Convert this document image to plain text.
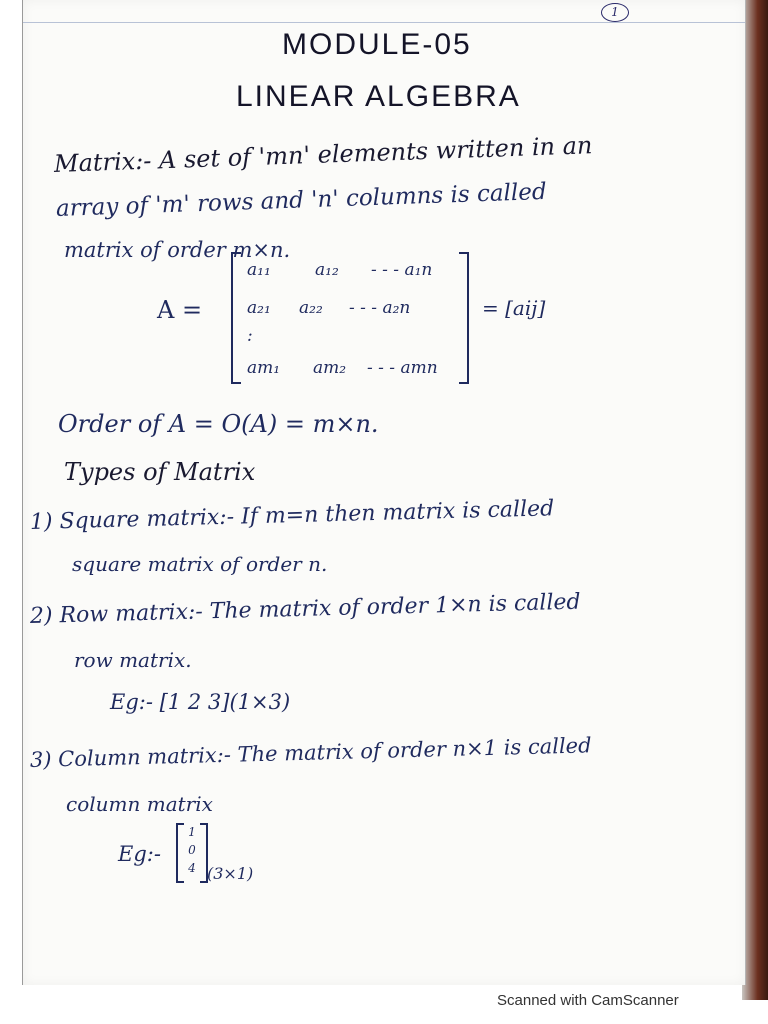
1
MODULE-05
LINEAR ALGEBRA
Matrix:- A set of 'mn' elements written in an
array of 'm' rows and 'n' columns is called
matrix of order m×n.
A =
a₁₁	a₁₂ - - - a₁n
a₂₁ a₂₂ - - - a₂n
:
am₁ am₂ - - - amn
= [aij]
Order of A = O(A) = m×n.
Types of Matrix
1) Square matrix:- If m=n then matrix is called
square matrix of order n.
2) Row matrix:- The matrix of order 1×n is called
row matrix.
Eg:- [1 2 3](1×3)
3) Column matrix:- The matrix of order n×1 is called
column matrix
Eg:-
1
0
4 (3×1)
Scanned with CamScanner
